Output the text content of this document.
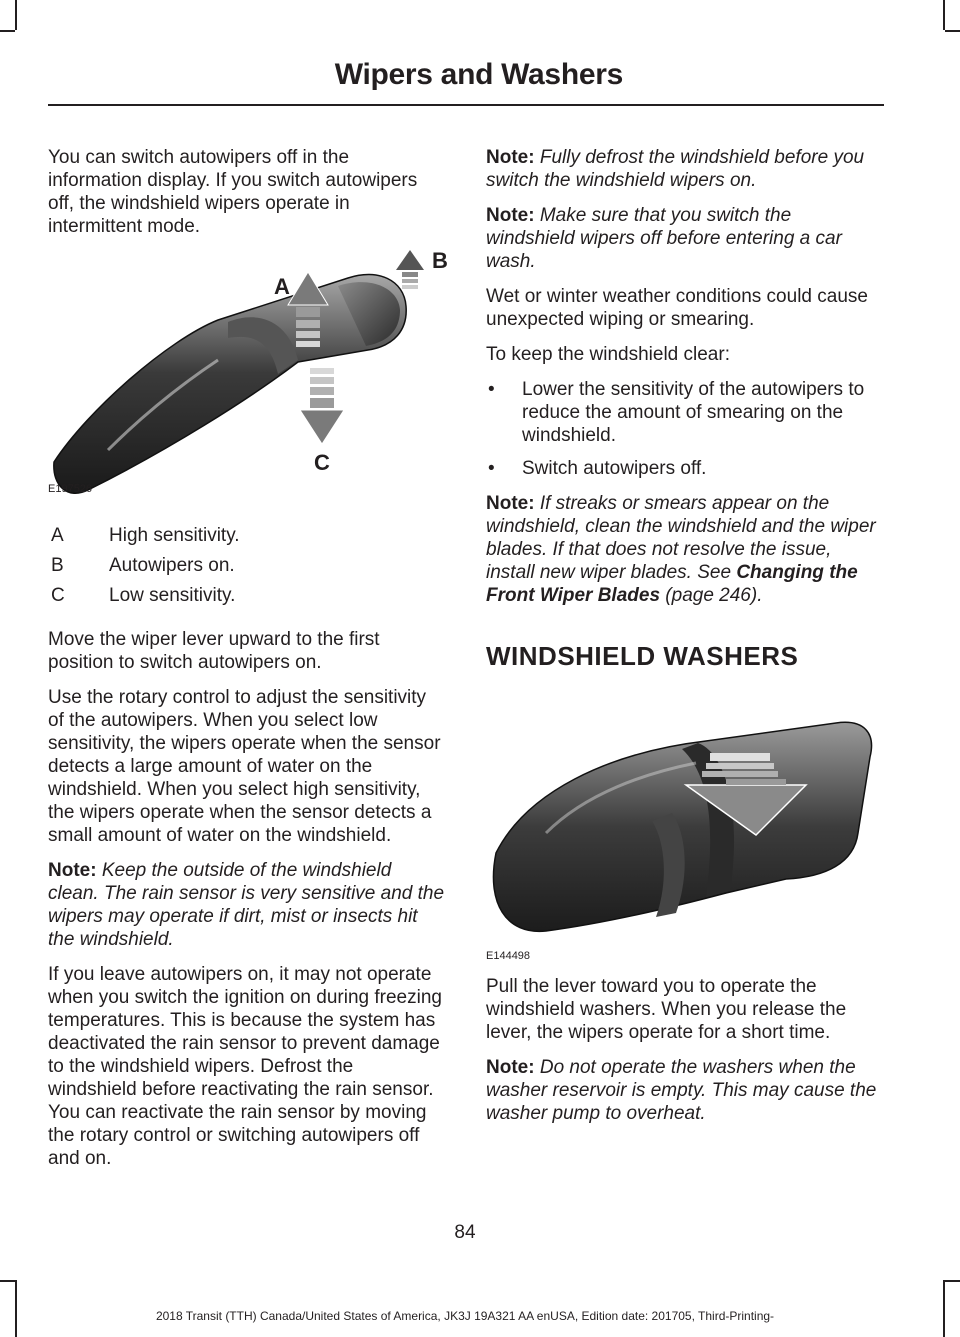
Wipers and Washers

You can switch autowipers off in the information display. If you switch autowipers off, the windshield wipers operate in intermittent mode.

A
B
C
E197526
A	High sensitivity.
B	Autowipers on.
C	Low sensitivity.

Move the wiper lever upward to the first position to switch autowipers on.

Use the rotary control to adjust the sensitivity of the autowipers. When you select low sensitivity, the wipers operate when the sensor detects a large amount of water on the windshield. When you select high sensitivity, the wipers operate when the sensor detects a small amount of water on the windshield.

Note: Keep the outside of the windshield clean. The rain sensor is very sensitive and the wipers may operate if dirt, mist or insects hit the windshield.

If you leave autowipers on, it may not operate when you switch the ignition on during freezing temperatures. This is because the system has deactivated the rain sensor to prevent damage to the windshield wipers. Defrost the windshield before reactivating the rain sensor. You can reactivate the rain sensor by moving the rotary control or switching autowipers off and on.

Note: Fully defrost the windshield before you switch the windshield wipers on.

Note: Make sure that you switch the windshield wipers off before entering a car wash.

Wet or winter weather conditions could cause unexpected wiping or smearing.

To keep the windshield clear:

•	Lower the sensitivity of the autowipers to reduce the amount of smearing on the windshield.
•	Switch autowipers off.

Note: If streaks or smears appear on the windshield, clean the windshield and the wiper blades. If that does not resolve the issue, install new wiper blades. See Changing the Front Wiper Blades (page 246).

WINDSHIELD WASHERS
E144498

Pull the lever toward you to operate the windshield washers. When you release the lever, the wipers operate for a short time.

Note: Do not operate the washers when the washer reservoir is empty. This may cause the washer pump to overheat.

84
2018 Transit (TTH) Canada/United States of America, JK3J 19A321 AA enUSA, Edition date: 201705, Third-Printing-
